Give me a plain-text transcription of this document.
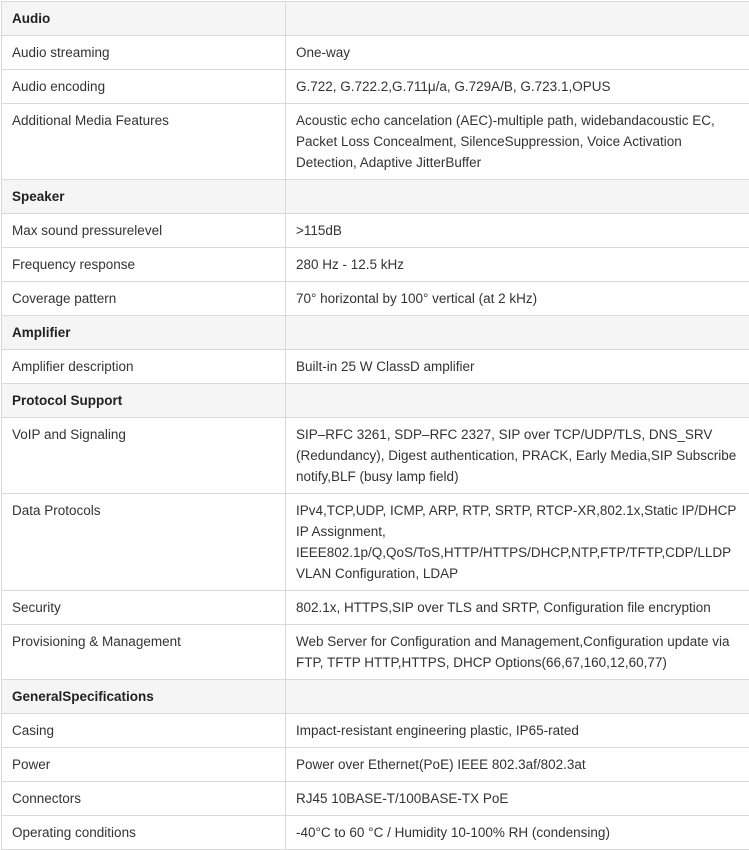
Audio	
Audio streaming	One-way
Audio encoding	G.722, G.722.2,G.711μ/a, G.729A/B, G.723.1,OPUS
Additional Media Features	Acoustic echo cancelation (AEC)-multiple path, widebandacoustic EC, Packet Loss Concealment, SilenceSuppression, Voice Activation Detection, Adaptive JitterBuffer
Speaker	
Max sound pressurelevel	>115dB
Frequency response	280 Hz - 12.5 kHz
Coverage pattern	70° horizontal by 100° vertical (at 2 kHz)
Amplifier	
Amplifier description	Built-in 25 W ClassD amplifier
Protocol Support	
VoIP and Signaling	SIP–RFC 3261, SDP–RFC 2327, SIP over TCP/UDP/TLS, DNS_SRV (Redundancy), Digest authentication, PRACK, Early Media,SIP Subscribe notify,BLF (busy lamp field)
Data Protocols	IPv4,TCP,UDP, ICMP, ARP, RTP, SRTP, RTCP-XR,802.1x,Static IP/DHCP IP Assignment, IEEE802.1p/Q,QoS/ToS,HTTP/HTTPS/DHCP,NTP,FTP/TFTP,CDP/LLDP VLAN Configuration, LDAP
Security	802.1x, HTTPS,SIP over TLS and SRTP, Configuration file encryption
Provisioning & Management	Web Server for Configuration and Management,Configuration update via FTP, TFTP HTTP,HTTPS, DHCP Options(66,67,160,12,60,77)
GeneralSpecifications	
Casing	Impact-resistant engineering plastic, IP65-rated
Power	Power over Ethernet(PoE) IEEE 802.3af/802.3at
Connectors	RJ45 10BASE-T/100BASE-TX PoE
Operating conditions	-40°C to 60 °C / Humidity 10-100% RH (condensing)
